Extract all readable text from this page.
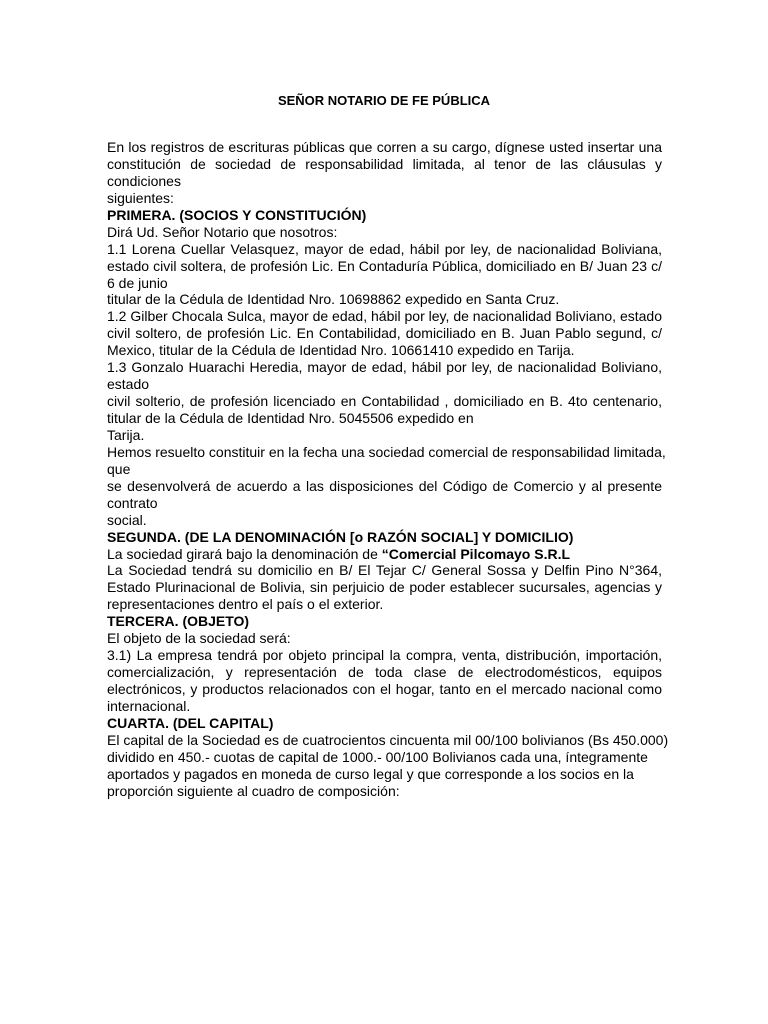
SEÑOR NOTARIO DE FE PÚBLICA
En los registros de escrituras públicas que corren a su cargo, dígnese usted insertar una
constitución de sociedad de responsabilidad limitada, al tenor de las cláusulas y
condiciones
siguientes:
PRIMERA. (SOCIOS Y CONSTITUCIÓN)
Dirá Ud. Señor Notario que nosotros:
1.1 Lorena Cuellar Velasquez, mayor de edad, hábil por ley, de nacionalidad Boliviana,
estado civil soltera, de profesión Lic. En Contaduría Pública, domiciliado en B/ Juan 23 c/
6 de junio
titular de la Cédula de Identidad Nro. 10698862 expedido en Santa Cruz.
1.2 Gilber Chocala Sulca, mayor de edad, hábil por ley, de nacionalidad Boliviano, estado
civil soltero, de profesión Lic. En Contabilidad, domiciliado en B. Juan Pablo segund, c/
Mexico, titular de la Cédula de Identidad Nro. 10661410 expedido en Tarija.
1.3 Gonzalo Huarachi Heredia, mayor de edad, hábil por ley, de nacionalidad Boliviano,
estado
civil solterio, de profesión licenciado en Contabilidad , domiciliado en B. 4to centenario,
titular de la Cédula de Identidad Nro. 5045506 expedido en
Tarija.
Hemos resuelto constituir en la fecha una sociedad comercial de responsabilidad limitada,
que
se desenvolverá de acuerdo a las disposiciones del Código de Comercio y al presente
contrato
social.
SEGUNDA. (DE LA DENOMINACIÓN [o RAZÓN SOCIAL] Y DOMICILIO)
La sociedad girará bajo la denominación de “Comercial Pilcomayo S.R.L
La Sociedad tendrá su domicilio en B/ El Tejar C/ General Sossa y Delfin Pino N°364,
Estado Plurinacional de Bolivia, sin perjuicio de poder establecer sucursales, agencias y
representaciones dentro el país o el exterior.
TERCERA. (OBJETO)
El objeto de la sociedad será:
3.1) La empresa tendrá por objeto principal la compra, venta, distribución, importación,
comercialización, y representación de toda clase de electrodomésticos, equipos
electrónicos, y productos relacionados con el hogar, tanto en el mercado nacional como
internacional.
CUARTA. (DEL CAPITAL)
El capital de la Sociedad es de cuatrocientos cincuenta mil 00/100 bolivianos (Bs 450.000)
dividido en 450.- cuotas de capital de 1000.- 00/100 Bolivianos cada una, íntegramente
aportados y pagados en moneda de curso legal y que corresponde a los socios en la
proporción siguiente al cuadro de composición:
